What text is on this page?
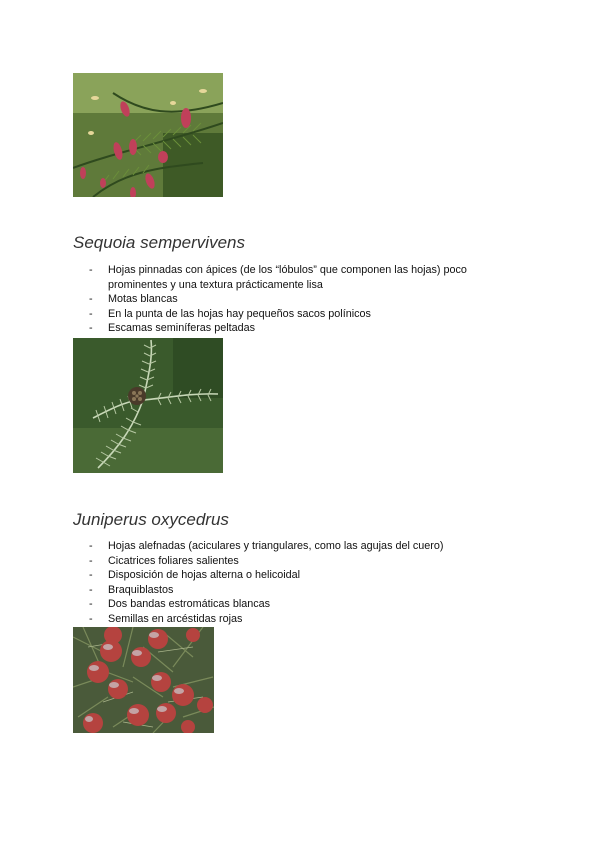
Sequoia sempervivens
- Hojas pinnadas con ápices (de los “lóbulos” que componen las hojas) poco prominentes y una textura prácticamente lisa
- Motas blancas
- En la punta de las hojas hay pequeños sacos polínicos
- Escamas seminíferas peltadas
Juniperus oxycedrus
- Hojas alefnadas (aciculares y triangulares, como las agujas del cuero)
- Cicatrices foliares salientes
- Disposición de hojas alterna o helicoidal
- Braquiblastos
- Dos bandas estromáticas blancas
- Semillas en arcéstidas rojas
